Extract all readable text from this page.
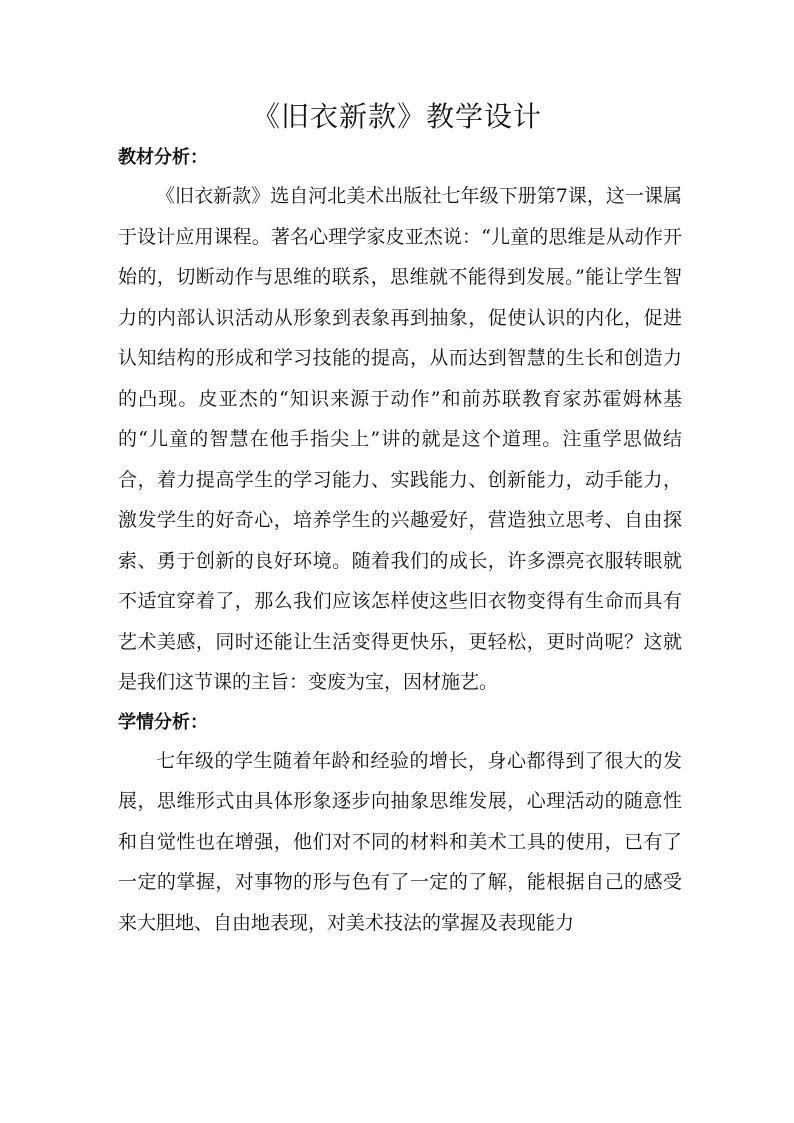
《旧衣新款》教学设计
教材分析：

《旧衣新款》选自河北美术出版社七年级下册第7课，这一课属于设计应用课程。著名心理学家皮亚杰说：“儿童的思维是从动作开始的，切断动作与思维的联系，思维就不能得到发展。”能让学生智力的内部认识活动从形象到表象再到抽象，促使认识的内化，促进认知结构的形成和学习技能的提高，从而达到智慧的生长和创造力的凸现。皮亚杰的“知识来源于动作”和前苏联教育家苏霍姆林基的“儿童的智慧在他手指尖上”讲的就是这个道理。注重学思做结合，着力提高学生的学习能力、实践能力、创新能力，动手能力，激发学生的好奇心，培养学生的兴趣爱好，营造独立思考、自由探索、勇于创新的良好环境。随着我们的成长，许多漂亮衣服转眼就不适宜穿着了，那么我们应该怎样使这些旧衣物变得有生命而具有艺术美感，同时还能让生活变得更快乐，更轻松，更时尚呢？这就是我们这节课的主旨：变废为宝，因材施艺。

学情分析：

七年级的学生随着年龄和经验的增长，身心都得到了很大的发展，思维形式由具体形象逐步向抽象思维发展，心理活动的随意性和自觉性也在增强，他们对不同的材料和美术工具的使用，已有了一定的掌握，对事物的形与色有了一定的了解，能根据自己的感受来大胆地、自由地表现，对美术技法的掌握及表现能力
